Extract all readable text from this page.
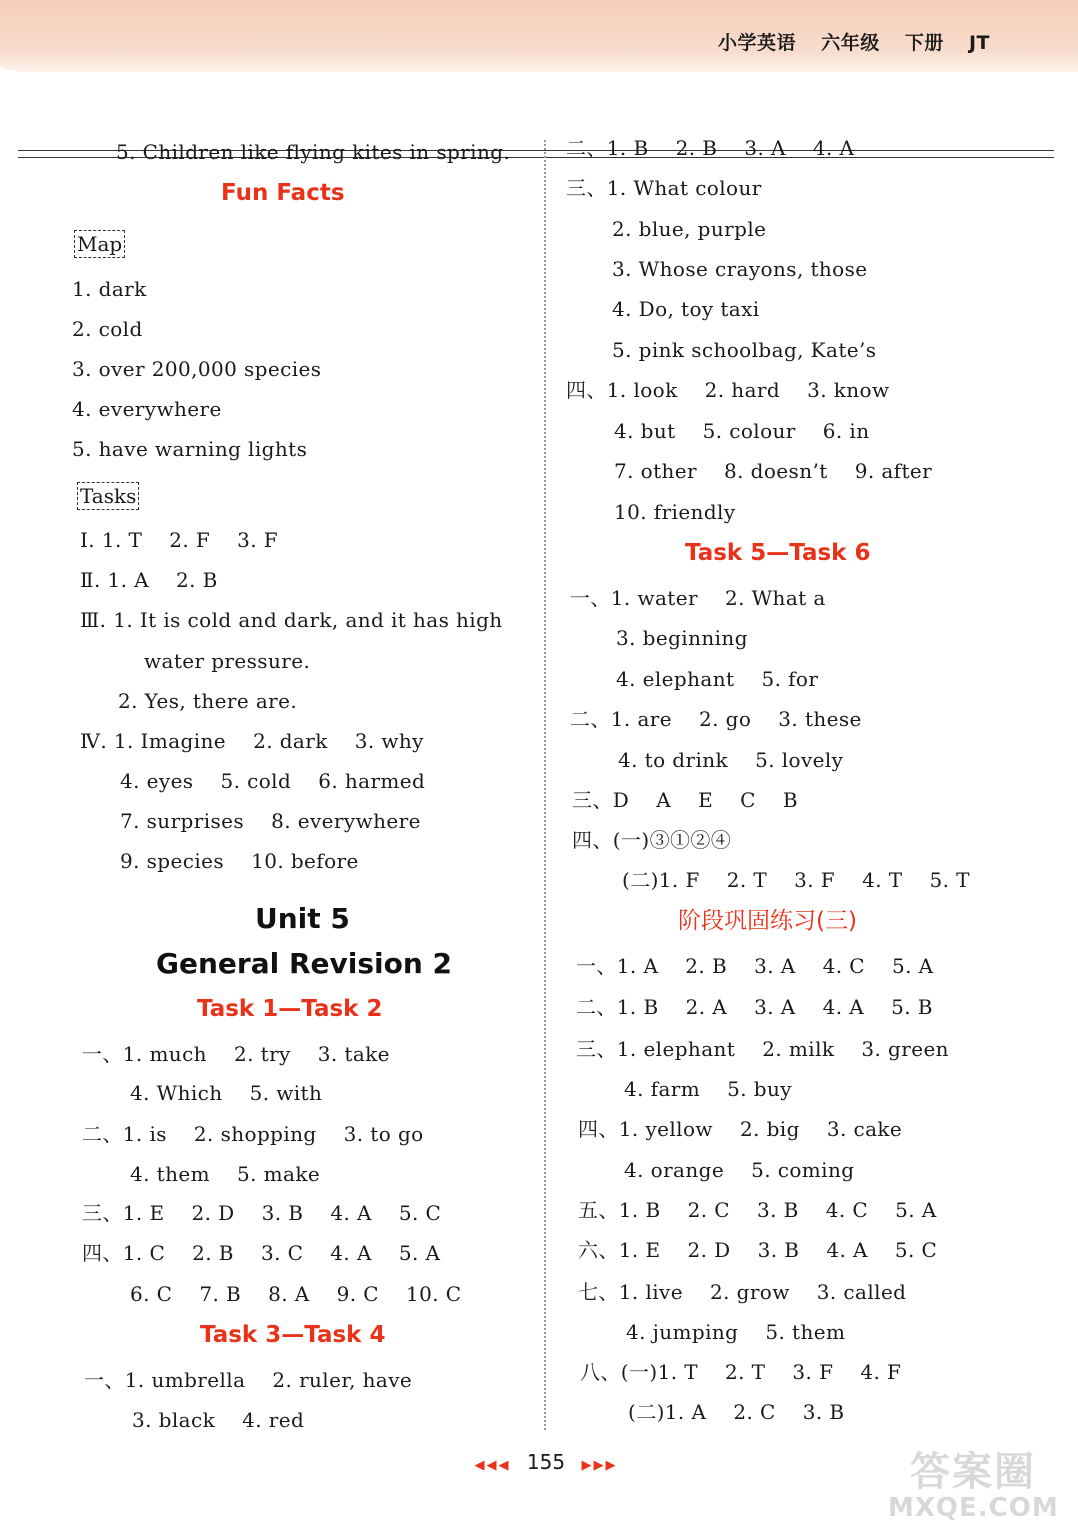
小学英语 六年级 下册 JT
5. Children like flying kites in spring.
Fun Facts
Map
1. dark
2. cold
3. over 200,000 species
4. everywhere
5. have warning lights
Tasks
Ⅰ. 1. T    2. F    3. F
Ⅱ. 1. A    2. B
Ⅲ. 1. It is cold and dark, and it has high
water pressure.
2. Yes, there are.
Ⅳ. 1. Imagine    2. dark    3. why
4. eyes    5. cold    6. harmed
7. surprises    8. everywhere
9. species    10. before
Unit 5
General Revision 2
Task 1—Task 2
一、1. much    2. try    3. take
4. Which    5. with
二、1. is    2. shopping    3. to go
4. them    5. make
三、1. E    2. D    3. B    4. A    5. C
四、1. C    2. B    3. C    4. A    5. A
6. C    7. B    8. A    9. C    10. C
Task 3—Task 4
一、1. umbrella    2. ruler, have
3. black    4. red
二、1. B    2. B    3. A    4. A
三、1. What colour
2. blue, purple
3. Whose crayons, those
4. Do, toy taxi
5. pink schoolbag, Kate’s
四、1. look    2. hard    3. know
4. but    5. colour    6. in
7. other    8. doesn’t    9. after
10. friendly
Task 5—Task 6
一、1. water    2. What a
3. beginning
4. elephant    5. for
二、1. are    2. go    3. these
4. to drink    5. lovely
三、D    A    E    C    B
四、(一)③①②④
(二)1. F    2. T    3. F    4. T    5. T
阶段巩固练习(三)
一、1. A    2. B    3. A    4. C    5. A
二、1. B    2. A    3. A    4. A    5. B
三、1. elephant    2. milk    3. green
4. farm    5. buy
四、1. yellow    2. big    3. cake
4. orange    5. coming
五、1. B    2. C    3. B    4. C    5. A
六、1. E    2. D    3. B    4. A    5. C
七、1. live    2. grow    3. called
4. jumping    5. them
八、(一)1. T    2. T    3. F    4. F
(二)1. A    2. C    3. B
◀◀◀ 155 ▶▶▶	答案圈
MXQE.COM
